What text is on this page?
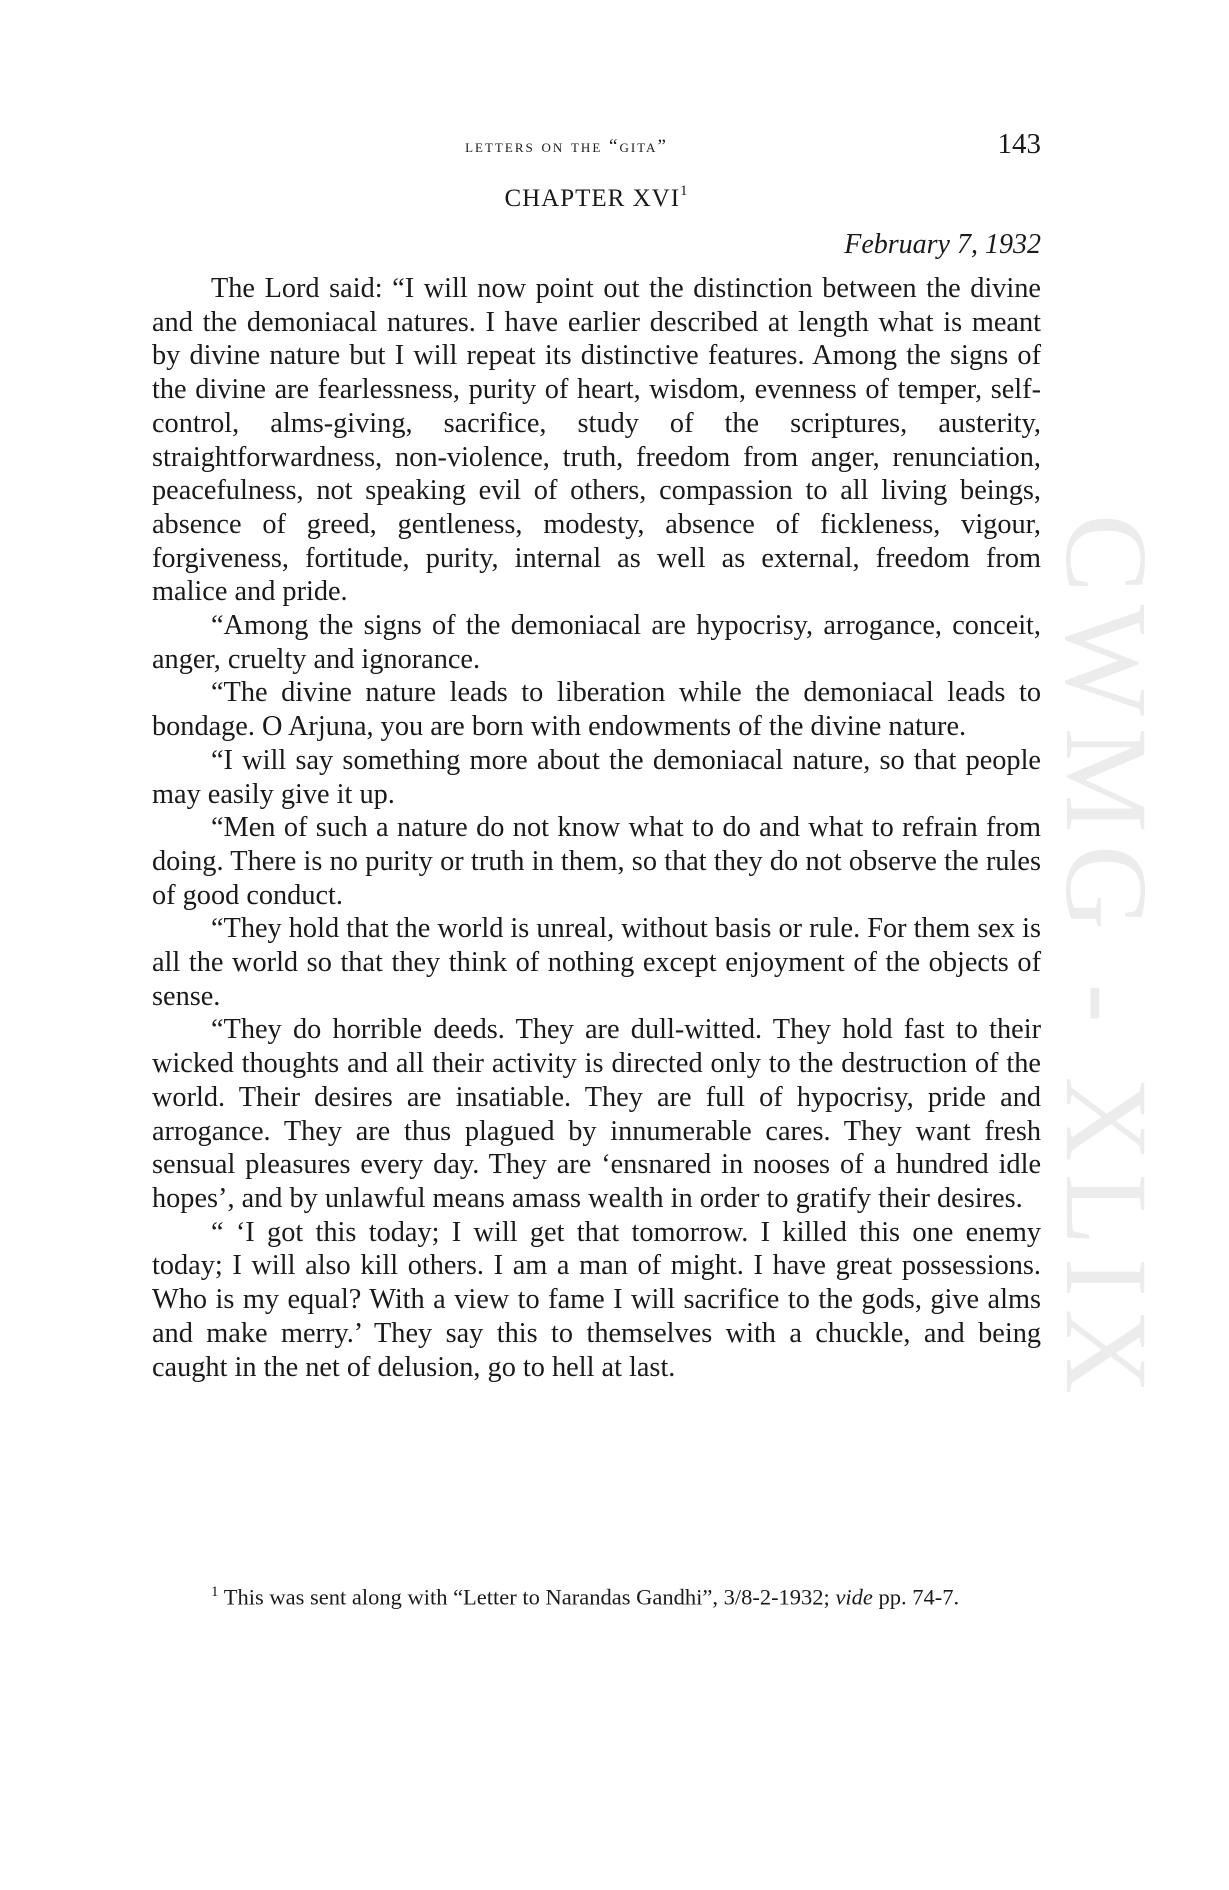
letters on the “gita”	143
CHAPTER XVI$^1$
February 7, 1932

The Lord said: “I will now point out the distinction between the divine and the demoniacal natures. I have earlier described at length what is meant by divine nature but I will repeat its distinctive features. Among the signs of the divine are fearlessness, purity of heart, wisdom, evenness of temper, self-control, alms-giving, sacrifice, study of the scriptures, austerity, straightforwardness, non-violence, truth, freedom from anger, renunciation, peacefulness, not speaking evil of others, compassion to all living beings, absence of greed, gentleness, modesty, absence of fickleness, vigour, forgiveness, fortitude, purity, internal as well as external, freedom from malice and pride.

“Among the signs of the demoniacal are hypocrisy, arrogance, conceit, anger, cruelty and ignorance.

“The divine nature leads to liberation while the demoniacal leads to bondage. O Arjuna, you are born with endowments of the divine nature.

“I will say something more about the demoniacal nature, so that people may easily give it up.

“Men of such a nature do not know what to do and what to refrain from doing. There is no purity or truth in them, so that they do not observe the rules of good conduct.

“They hold that the world is unreal, without basis or rule. For them sex is all the world so that they think of nothing except enjoyment of the objects of sense.

“They do horrible deeds. They are dull-witted. They hold fast to their wicked thoughts and all their activity is directed only to the destruction of the world. Their desires are insatiable. They are full of hypocrisy, pride and arrogance. They are thus plagued by innumerable cares. They want fresh sensual pleasures every day. They are ‘ensnared in nooses of a hundred idle hopes’, and by unlawful means amass wealth in order to gratify their desires.

“ ‘I got this today; I will get that tomorrow. I killed this one enemy today; I will also kill others. I am a man of might. I have great possessions. Who is my equal? With a view to fame I will sacrifice to the gods, give alms and make merry.’ They say this to themselves with a chuckle, and being caught in the net of delusion, go to hell at last.

$^1$ This was sent along with “Letter to Narandas Gandhi”, 3/8-2-1932; vide pp. 74-7.

CWMG - XLIX
